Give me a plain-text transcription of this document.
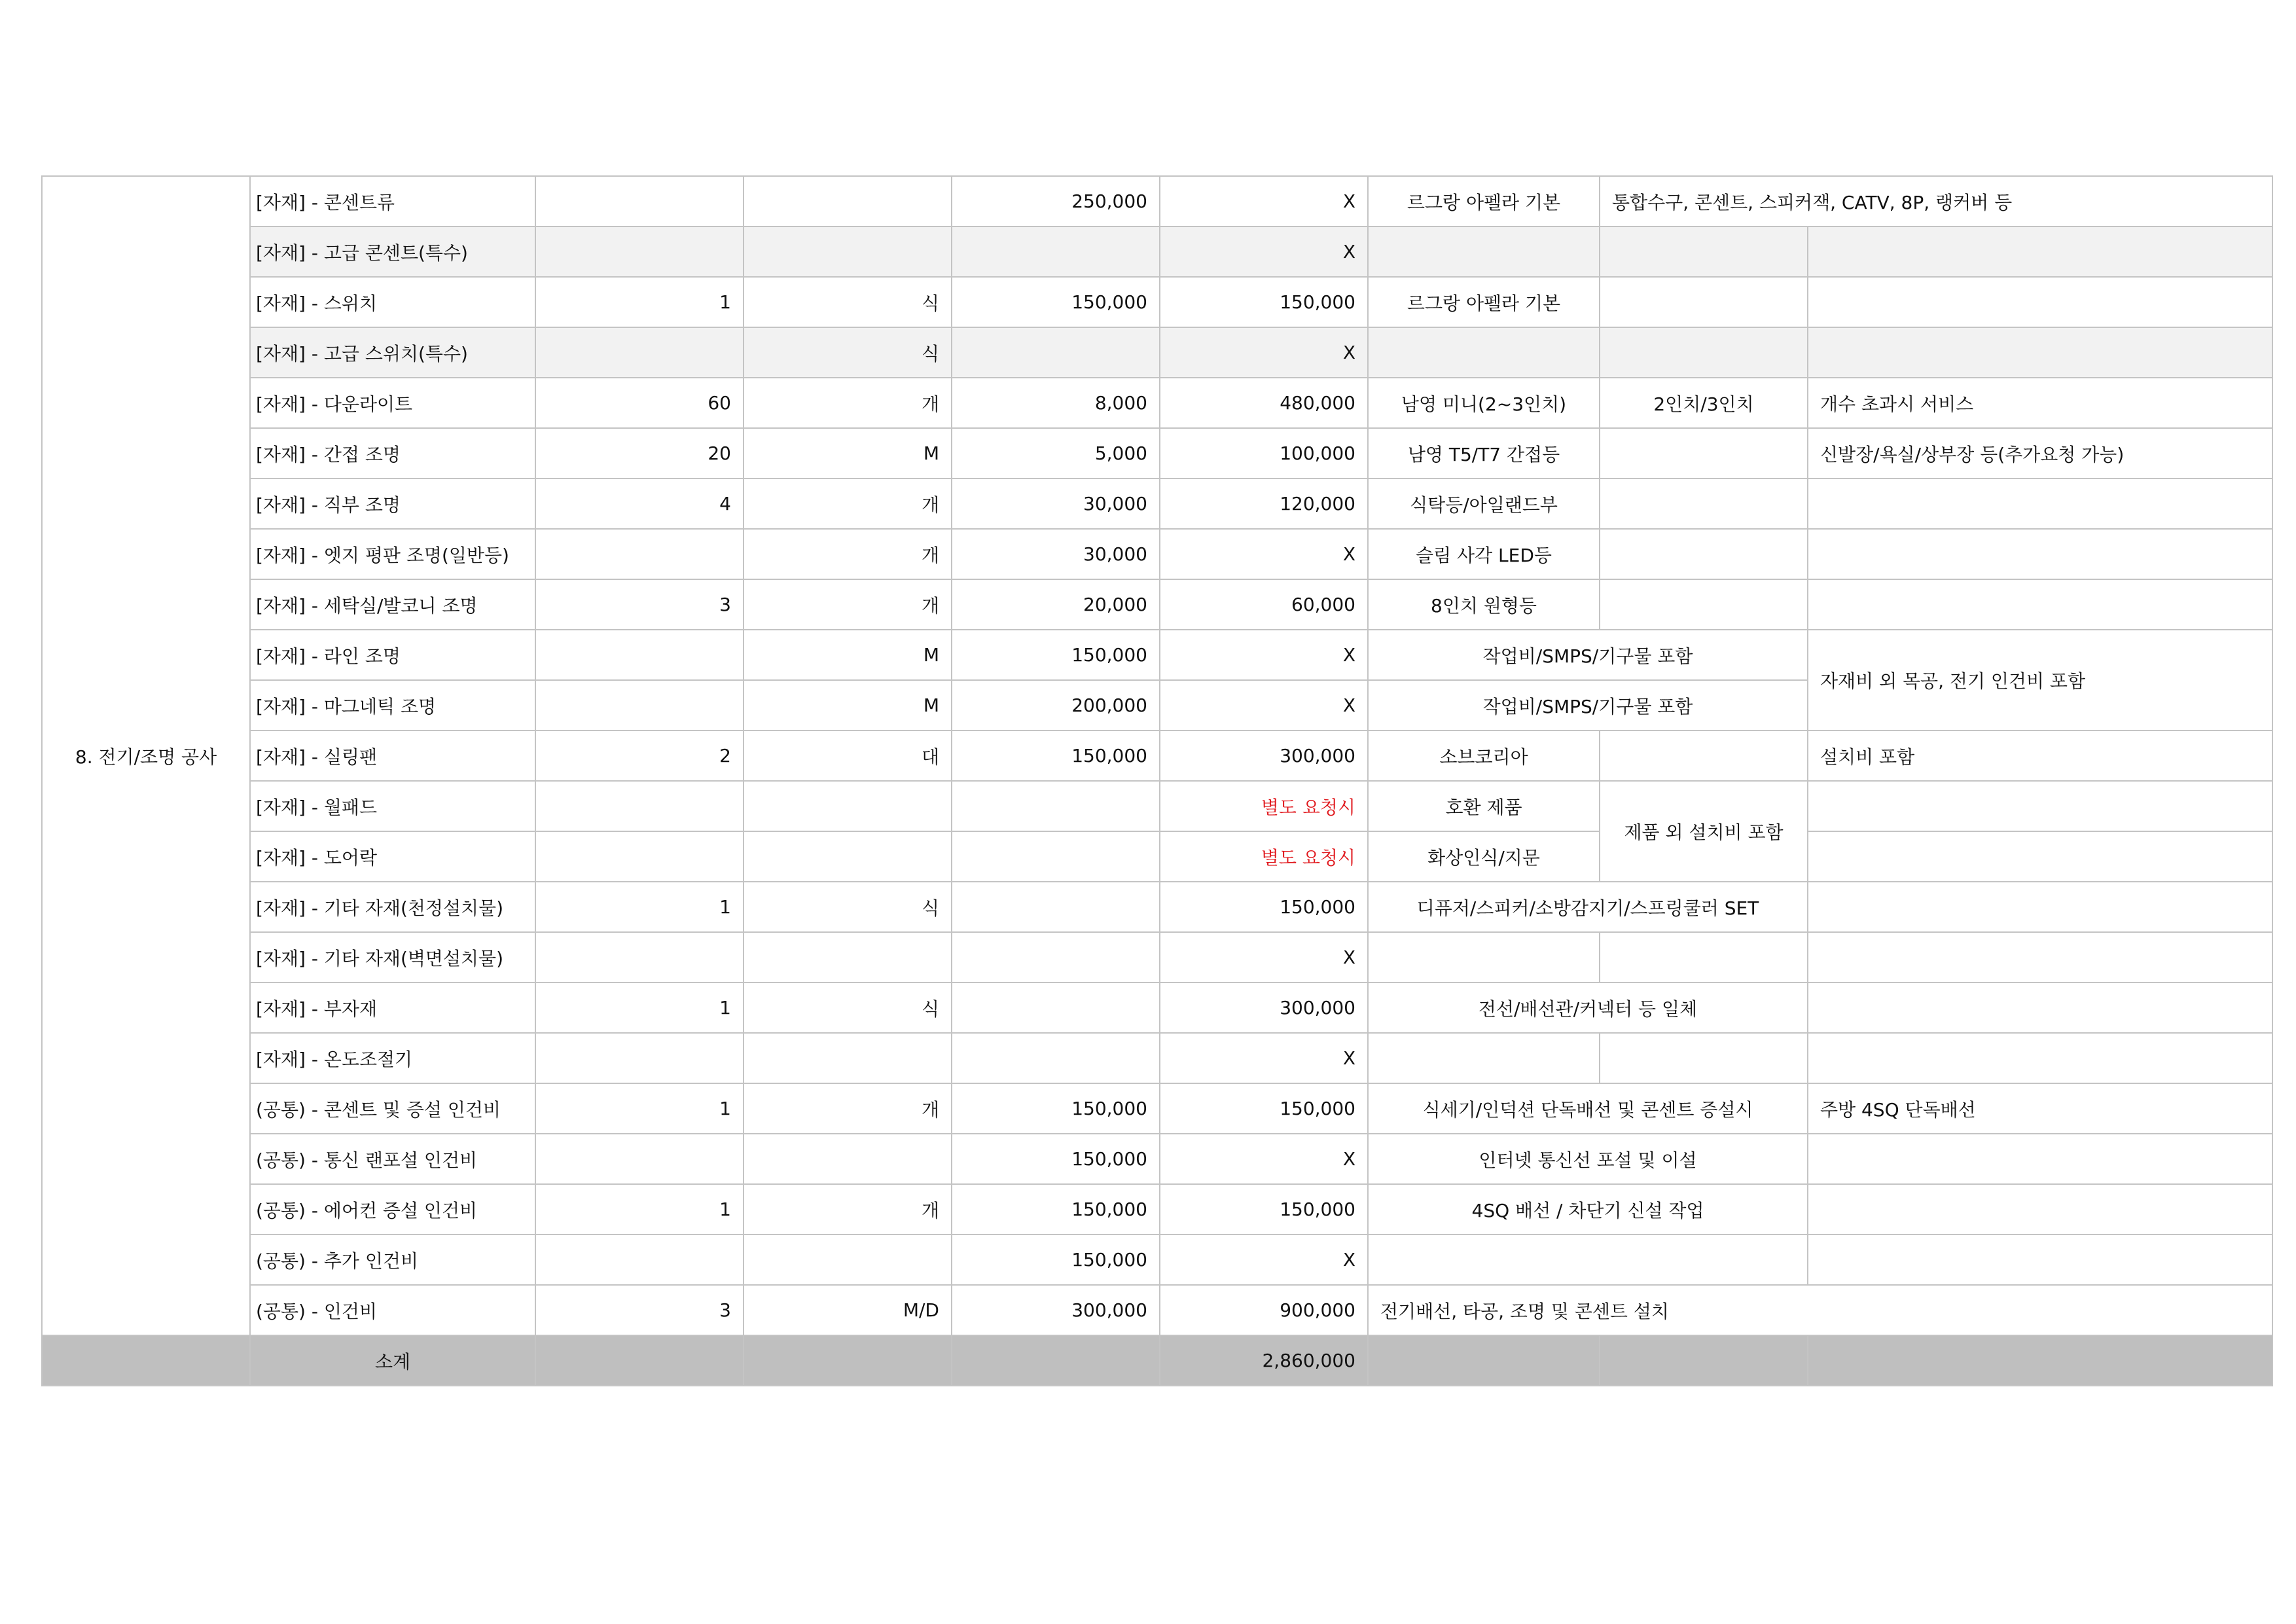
8. 전기/조명 공사	[자재] - 콘센트류			250,000	X	르그랑 아펠라 기본	통합수구, 콘센트, 스피커잭, CATV, 8P, 랭커버 등	
	[자재] - 고급 콘센트(특수)				X			
	[자재] - 스위치	1	식	150,000	150,000	르그랑 아펠라 기본		
	[자재] - 고급 스위치(특수)		식		X			
	[자재] - 다운라이트	60	개	8,000	480,000	남영 미니(2~3인치)	2인치/3인치	개수 초과시 서비스
	[자재] - 간접 조명	20	M	5,000	100,000	남영 T5/T7 간접등		신발장/욕실/상부장 등(추가요청 가능)
	[자재] - 직부 조명	4	개	30,000	120,000	식탁등/아일랜드부		
	[자재] - 엣지 평판 조명(일반등)		개	30,000	X	슬림 사각 LED등		
	[자재] - 세탁실/발코니 조명	3	개	20,000	60,000	8인치 원형등		
	[자재] - 라인 조명		M	150,000	X	작업비/SMPS/기구물 포함		자재비 외 목공, 전기 인건비 포함
	[자재] - 마그네틱 조명		M	200,000	X	작업비/SMPS/기구물 포함		
	[자재] - 실링팬	2	대	150,000	300,000	소브코리아		설치비 포함
	[자재] - 월패드				별도 요청시	호환 제품	제품 외 설치비 포함	
	[자재] - 도어락				별도 요청시	화상인식/지문		
	[자재] - 기타 자재(천정설치물)	1	식		150,000	디퓨저/스피커/소방감지기/스프링쿨러 SET		
	[자재] - 기타 자재(벽면설치물)				X			
	[자재] - 부자재	1	식		300,000	전선/배선관/커넥터 등 일체		
	[자재] - 온도조절기				X			
	(공통) - 콘센트 및 증설 인건비	1	개	150,000	150,000	식세기/인덕션 단독배선 및 콘센트 증설시		주방 4SQ 단독배선
	(공통) - 통신 랜포설 인건비			150,000	X	인터넷 통신선 포설 및 이설		
	(공통) - 에어컨 증설 인건비	1	개	150,000	150,000	4SQ 배선 / 차단기 신설 작업		
	(공통) - 추가 인건비			150,000	X			
	(공통) - 인건비	3	M/D	300,000	900,000	전기배선, 타공, 조명 및 콘센트 설치		
	소계				2,860,000			
